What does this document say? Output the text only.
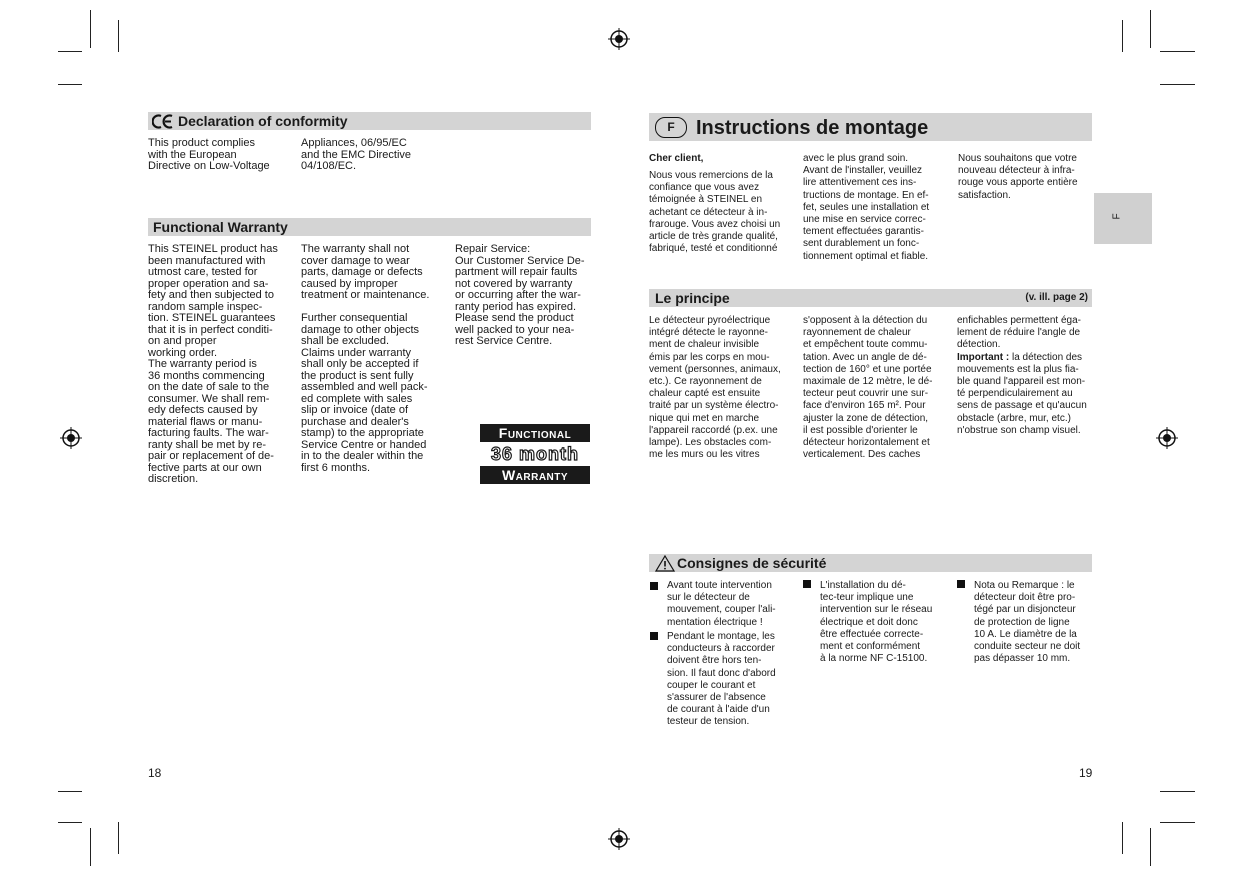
Declaration of conformity
This product complies
with the European
Directive on Low-Voltage
Appliances, 06/95/EC
and the EMC Directive
04/108/EC.
Functional Warranty
This STEINEL product has
been manufactured with
utmost care, tested for
proper operation and sa-
fety and then subjected to
random sample inspec-
tion. STEINEL guarantees
that it is in perfect conditi-
on and proper
working order.
The warranty period is
36 months commencing
on the date of sale to the
consumer. We shall rem-
edy defects caused by
material flaws or manu-
facturing faults. The war-
ranty shall be met by re-
pair or replacement of de-
fective parts at our own
discretion.
The warranty shall not
cover damage to wear
parts, damage or defects
caused by improper
treatment or maintenance.

Further consequential
damage to other objects
shall be excluded.
Claims under warranty
shall only be accepted if
the product is sent fully
assembled and well pack-
ed complete with sales
slip or invoice (date of
purchase and dealer's
stamp) to the appropriate
Service Centre or handed
in to the dealer within the
first 6 months.
Repair Service:
Our Customer Service De-
partment will repair faults
not covered by warranty
or occurring after the war-
ranty period has expired.
Please send the product
well packed to your nea-
rest Service Centre.
Functional
36 month
Warranty
18
F
F	Instructions de montage
Cher client,
Nous vous remercions de la
confiance que vous avez
témoignée à STEINEL en
achetant ce détecteur à in-
frarouge. Vous avez choisi un
article de très grande qualité,
fabriqué, testé et conditionné
avec le plus grand soin.
Avant de l'installer, veuillez
lire attentivement ces ins-
tructions de montage. En ef-
fet, seules une installation et
une mise en service correc-
tement effectuées garantis-
sent durablement un fonc-
tionnement optimal et fiable.
Nous souhaitons que votre
nouveau détecteur à infra-
rouge vous apporte entière
satisfaction.
Le principe	(v. ill. page 2)
Le détecteur pyroélectrique
intégré détecte le rayonne-
ment de chaleur invisible
émis par les corps en mou-
vement (personnes, animaux,
etc.). Ce rayonnement de
chaleur capté est ensuite
traité par un système électro-
nique qui met en marche
l'appareil raccordé (p.ex. une
lampe). Les obstacles com-
me les murs ou les vitres
s'opposent à la détection du
rayonnement de chaleur
et empêchent toute commu-
tation. Avec un angle de dé-
tection de 160° et une portée
maximale de 12 mètre, le dé-
tecteur peut couvrir une sur-
face d'environ 165 m². Pour
ajuster la zone de détection,
il est possible d'orienter le
détecteur horizontalement et
verticalement. Des caches
enfichables permettent éga-
lement de réduire l'angle de
détection.
Important : la détection des
mouvements est la plus fia-
ble quand l'appareil est mon-
té perpendiculairement au
sens de passage et qu'aucun
obstacle (arbre, mur, etc.)
n'obstrue son champ visuel.
Consignes de sécurité
Avant toute intervention
sur le détecteur de
mouvement, couper l'ali-
mentation électrique !
Pendant le montage, les
conducteurs à raccorder
doivent être hors ten-
sion. Il faut donc d'abord
couper le courant et
s'assurer de l'absence
de courant à l'aide d'un
testeur de tension.
L'installation du dé-
tec-teur implique une
intervention sur le réseau
électrique et doit donc
être effectuée correcte-
ment et conformément
à la norme NF C-15100.
Nota ou Remarque : le
détecteur doit être pro-
tégé par un disjoncteur
de protection de ligne
10 A. Le diamètre de la
conduite secteur ne doit
pas dépasser 10 mm.
19
